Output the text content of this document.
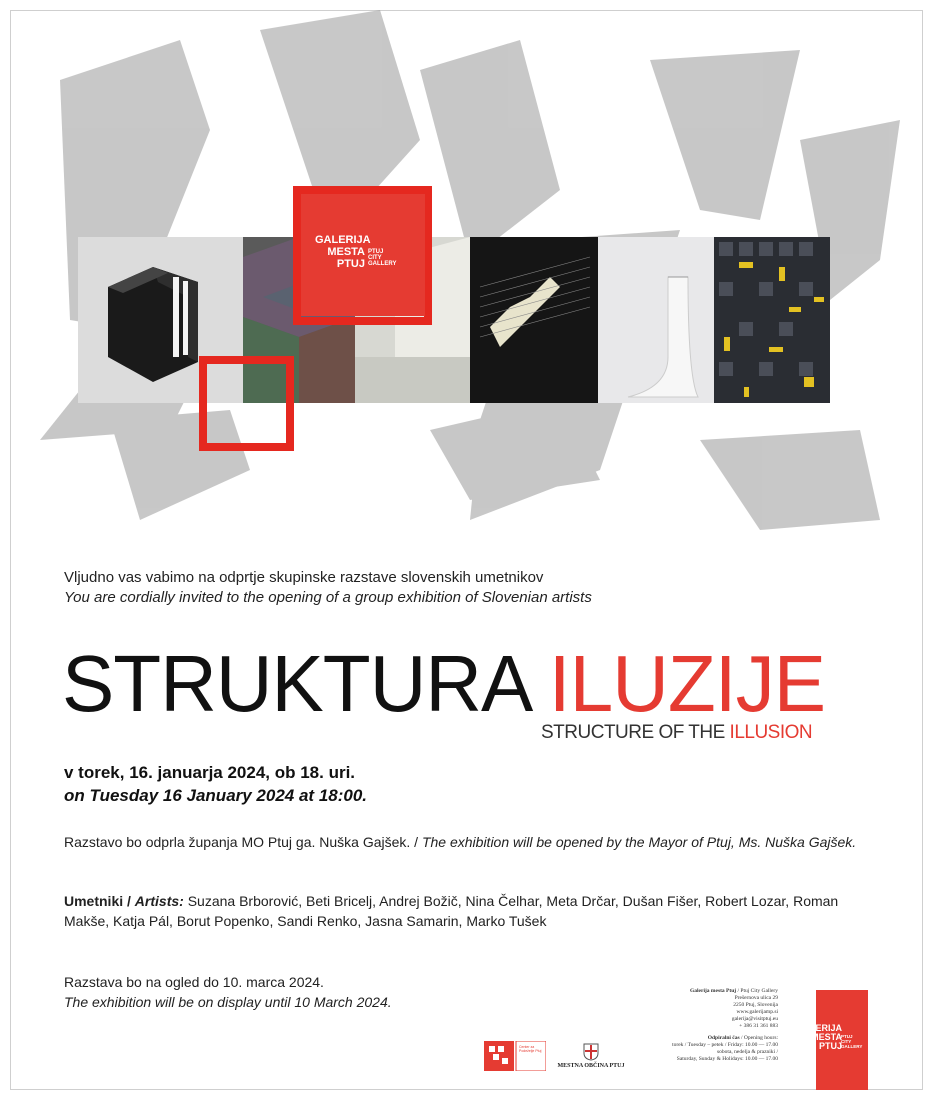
GALERIJA
MESTA
PTUJ
PTUJ
CITY
GALLERY
Vljudno vas vabimo na odprtje skupinske razstave slovenskih umetnikov
You are cordially invited to the opening of a group exhibition of Slovenian artists
STRUKTURA ILUZIJE
STRUCTURE OF THE ILLUSION
v torek, 16. januarja 2024, ob 18. uri.
on Tuesday 16 January 2024 at 18:00.
Razstavo bo odprla županja MO Ptuj ga. Nuška Gajšek. / The exhibition will be opened by the Mayor of Ptuj, Ms. Nuška Gajšek.
Umetniki / Artists: Suzana Brborović, Beti Bricelj, Andrej Božič, Nina Čelhar, Meta Drčar, Dušan Fišer, Robert Lozar, Roman Makše, Katja Pál, Borut Popenko, Sandi Renko, Jasna Samarin, Marko Tušek
Razstava bo na ogled do 10. marca 2024.
The exhibition will be on display until 10 March 2024.
Center za Podeželje Ptuj
MESTNA OBČINA PTUJ
Galerija mesta Ptuj / Ptuj City Gallery
Prešernova ulica 29
2250 Ptuj, Slovenija
www.galerijamp.si
galerija@visitptuj.eu
+ 386 31 361 883
Odpiralni čas / Opening hours:
torek / Tuesday – petek / Friday: 10.00 — 17.00
sobota, nedelja & prazniki /
Saturday, Sunday & Holidays: 10.00 — 17.00
GALERIJA
MESTA
PTUJ
PTUJ
CITY
GALLERY
